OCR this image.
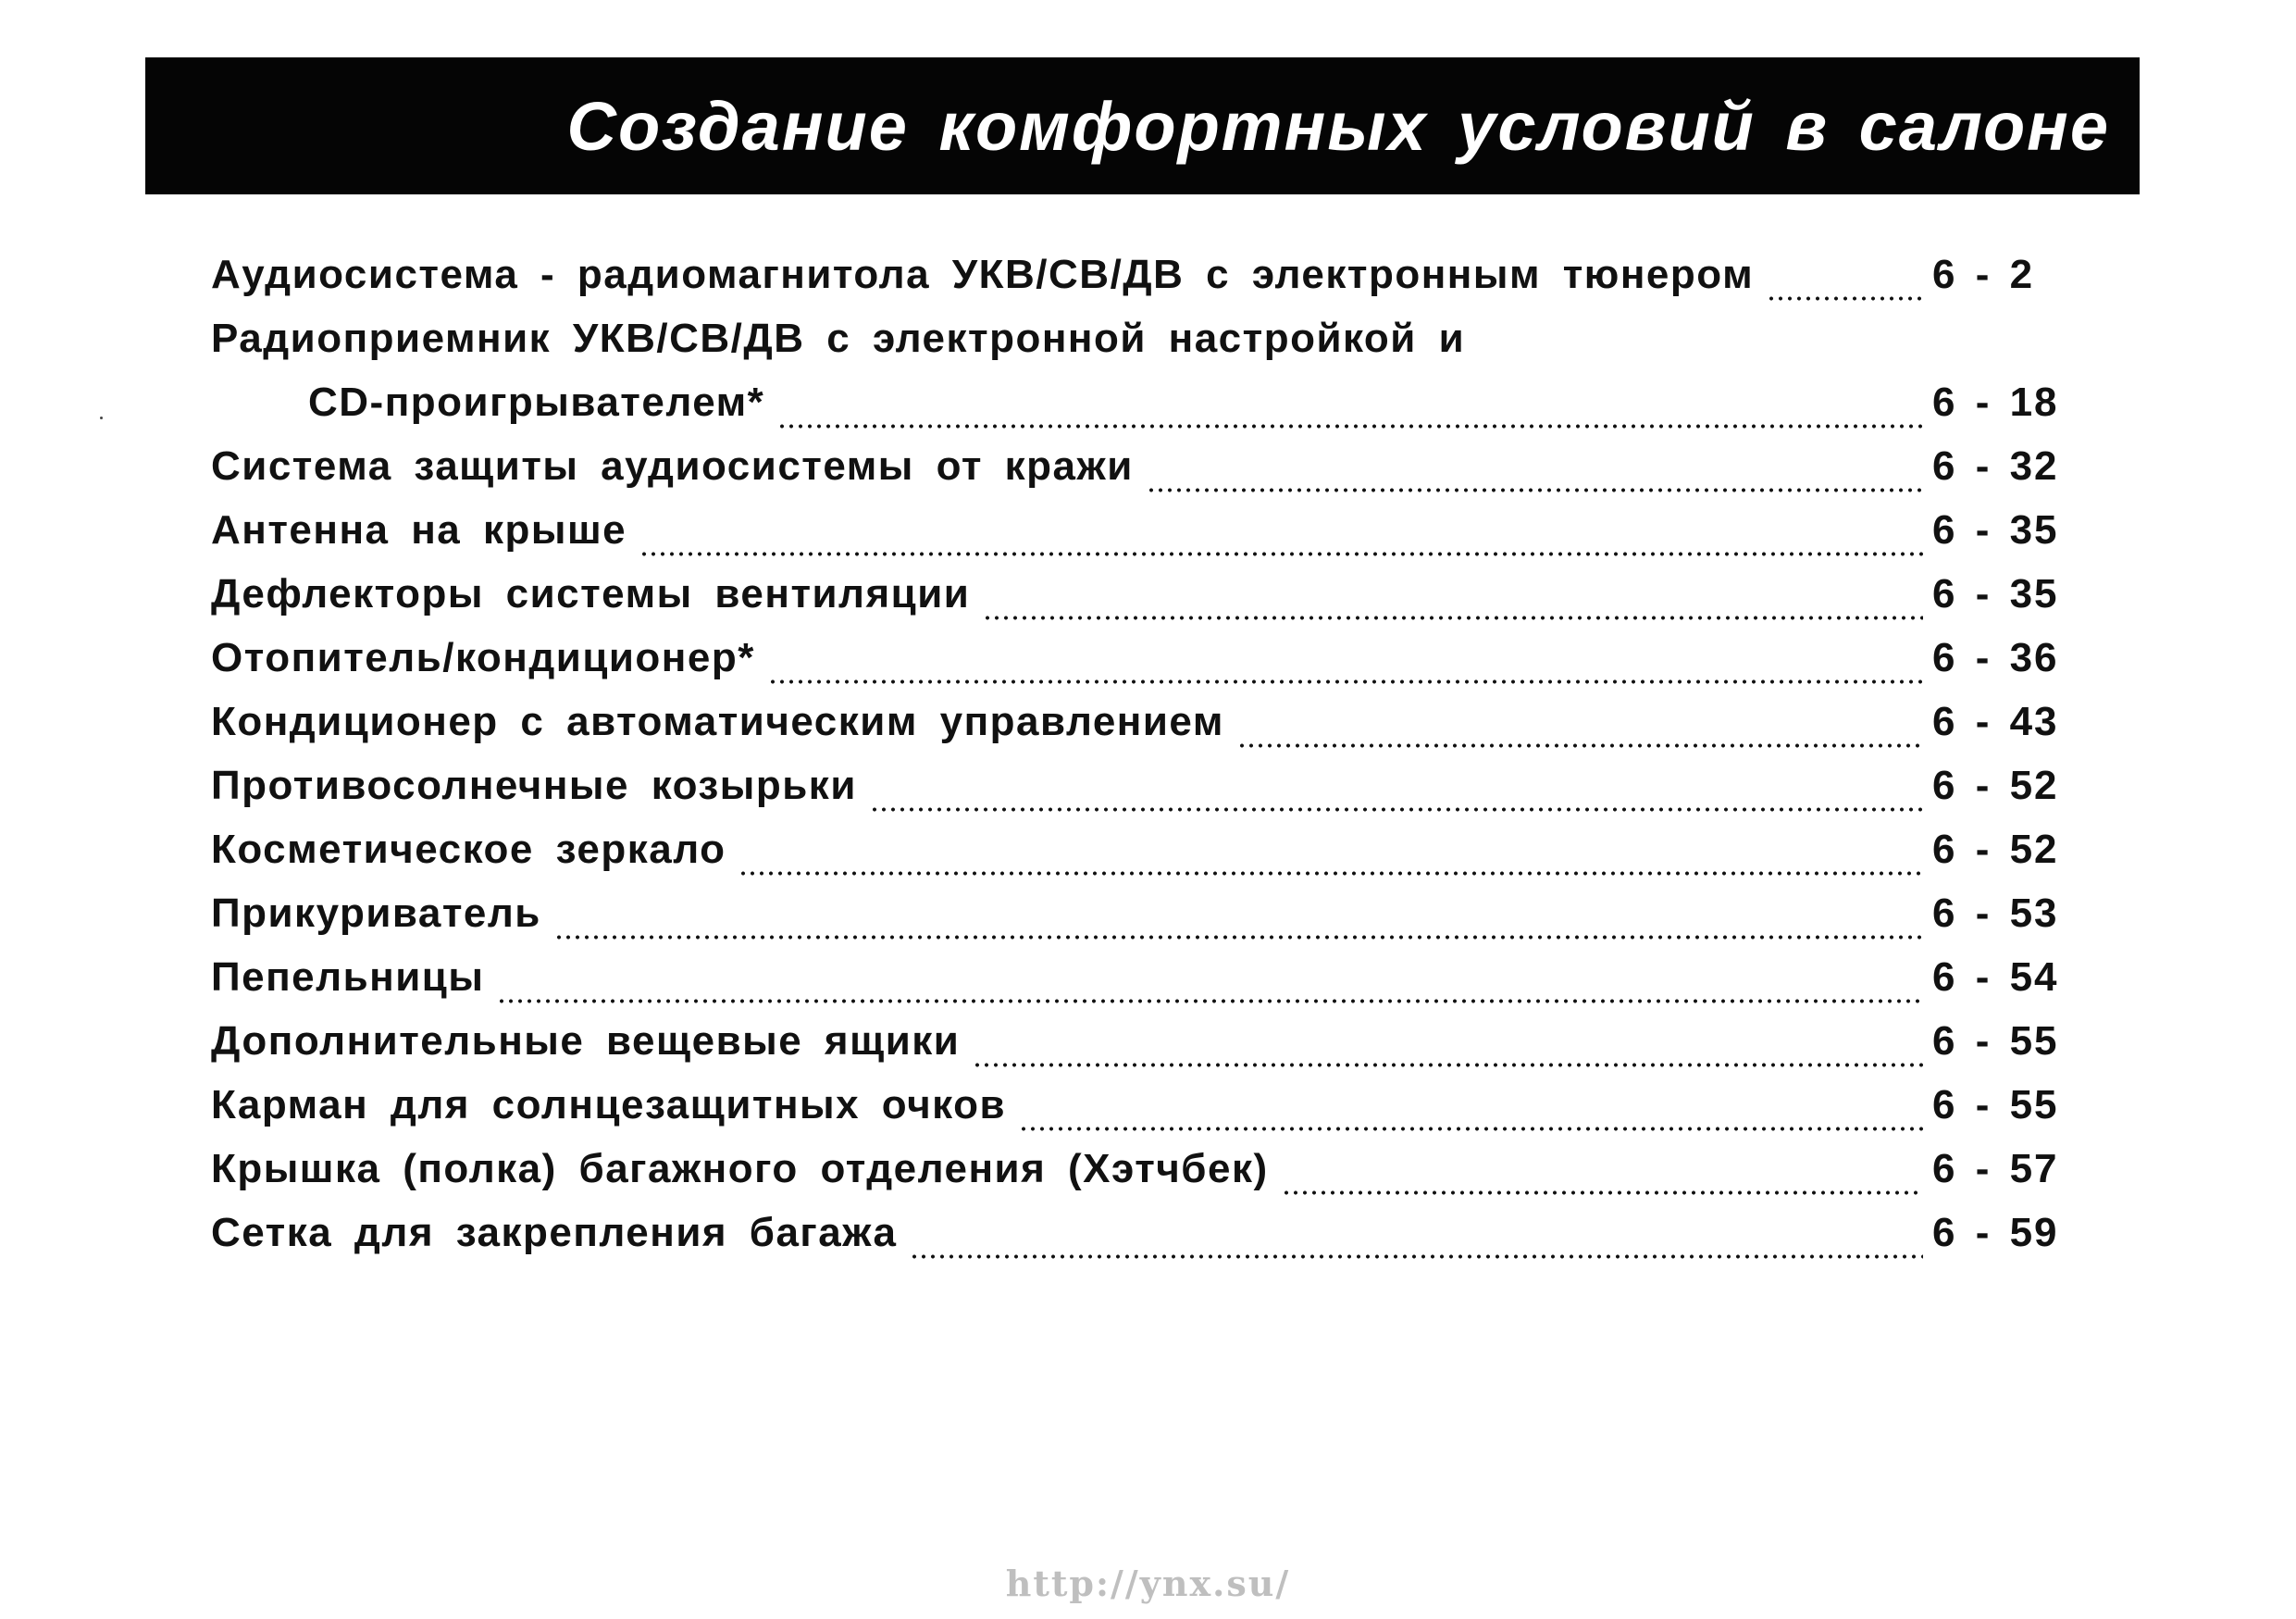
Создание комфортных условий в салоне
Аудиосистема - радиомагнитола УКВ/СВ/ДВ с электронным тюнером	6 - 2
Радиоприемник УКВ/СВ/ДВ с электронной настройкой и
CD-проигрывателем*	6 - 18
Система защиты аудиосистемы от кражи	6 - 32
Антенна на крыше	6 - 35
Дефлекторы системы вентиляции	6 - 35
Отопитель/кондиционер*	6 - 36
Кондиционер с автоматическим управлением	6 - 43
Противосолнечные козырьки	6 - 52
Косметическое зеркало	6 - 52
Прикуриватель	6 - 53
Пепельницы	6 - 54
Дополнительные вещевые ящики	6 - 55
Карман для солнцезащитных очков	6 - 55
Крышка (полка) багажного отделения (Хэтчбек)	6 - 57
Сетка для закрепления багажа	6 - 59
http://ynx.su/
